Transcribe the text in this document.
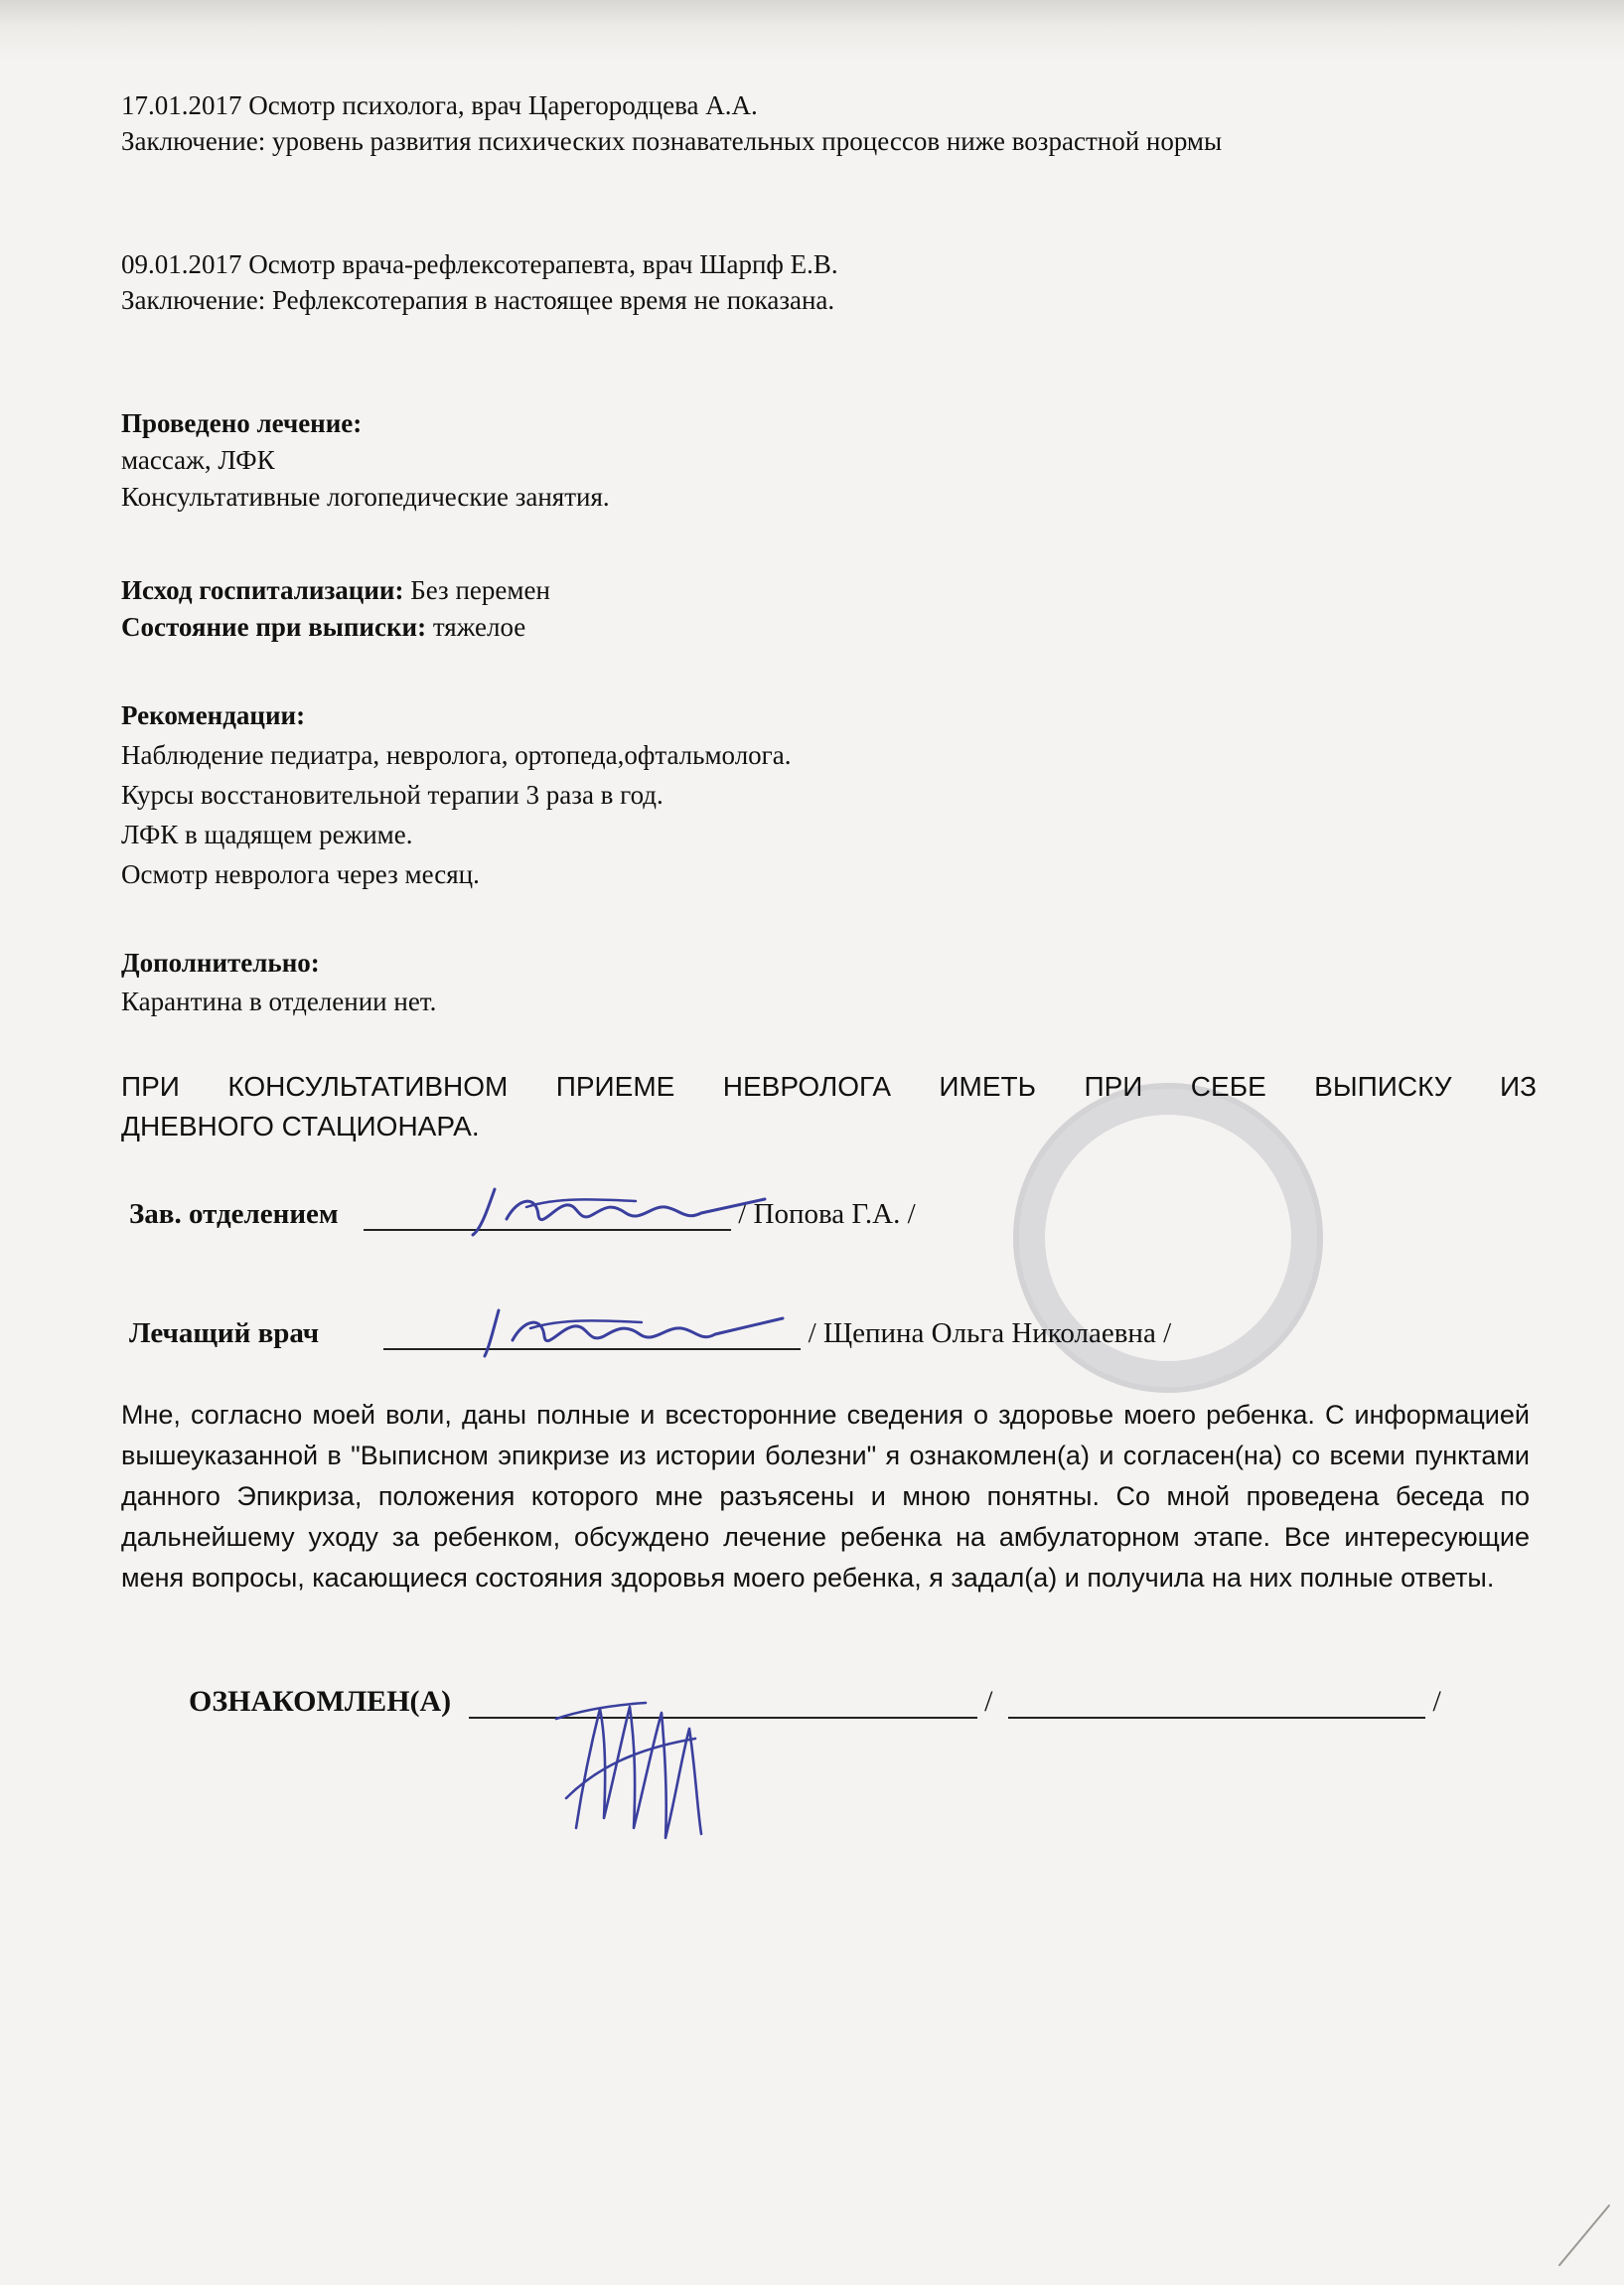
17.01.2017 Осмотр психолога, врач Царегородцева А.А.
Заключение: уровень развития психических познавательных процессов ниже возрастной нормы
09.01.2017 Осмотр врача-рефлексотерапевта, врач Шарпф Е.В.
Заключение: Рефлексотерапия в настоящее время не показана.
Проведено лечение:
массаж, ЛФК
Консультативные логопедические занятия.
Исход госпитализации: Без перемен
Состояние при выписки: тяжелое
Рекомендации:
Наблюдение педиатра, невролога, ортопеда,офтальмолога.
Курсы восстановительной терапии 3 раза в год.
ЛФК в щадящем режиме.
Осмотр невролога через месяц.
Дополнительно:
Карантина в отделении нет.
ПРИ КОНСУЛЬТАТИВНОМ ПРИЕМЕ НЕВРОЛОГА ИМЕТЬ ПРИ СЕБЕ ВЫПИСКУ ИЗ
ДНЕВНОГО СТАЦИОНАРА.
Зав. отделением	/ Попова Г.А. /
Лечащий врач	/ Щепина Ольга Николаевна /
Мне, согласно моей воли, даны полные и всесторонние сведения о здоровье моего ребенка. С информацией вышеуказанной в "Выписном эпикризе из истории болезни" я ознакомлен(а) и согласен(на) со всеми пунктами данного Эпикриза, положения которого мне разъясены и мною понятны. Со мной проведена беседа по дальнейшему уходу за ребенком, обсуждено лечение ребенка на амбулаторном этапе. Все интересующие меня вопросы, касающиеся состояния здоровья моего ребенка, я задал(а) и получила на них полные ответы.
ОЗНАКОМЛЕН(А)	/	/
